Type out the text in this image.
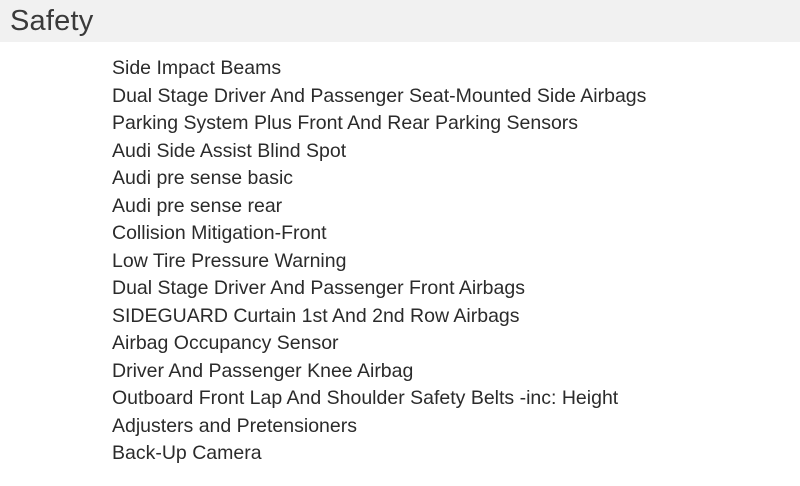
Safety
Side Impact Beams
Dual Stage Driver And Passenger Seat-Mounted Side Airbags
Parking System Plus Front And Rear Parking Sensors
Audi Side Assist Blind Spot
Audi pre sense basic
Audi pre sense rear
Collision Mitigation-Front
Low Tire Pressure Warning
Dual Stage Driver And Passenger Front Airbags
SIDEGUARD Curtain 1st And 2nd Row Airbags
Airbag Occupancy Sensor
Driver And Passenger Knee Airbag
Outboard Front Lap And Shoulder Safety Belts -inc: Height
Adjusters and Pretensioners
Back-Up Camera
